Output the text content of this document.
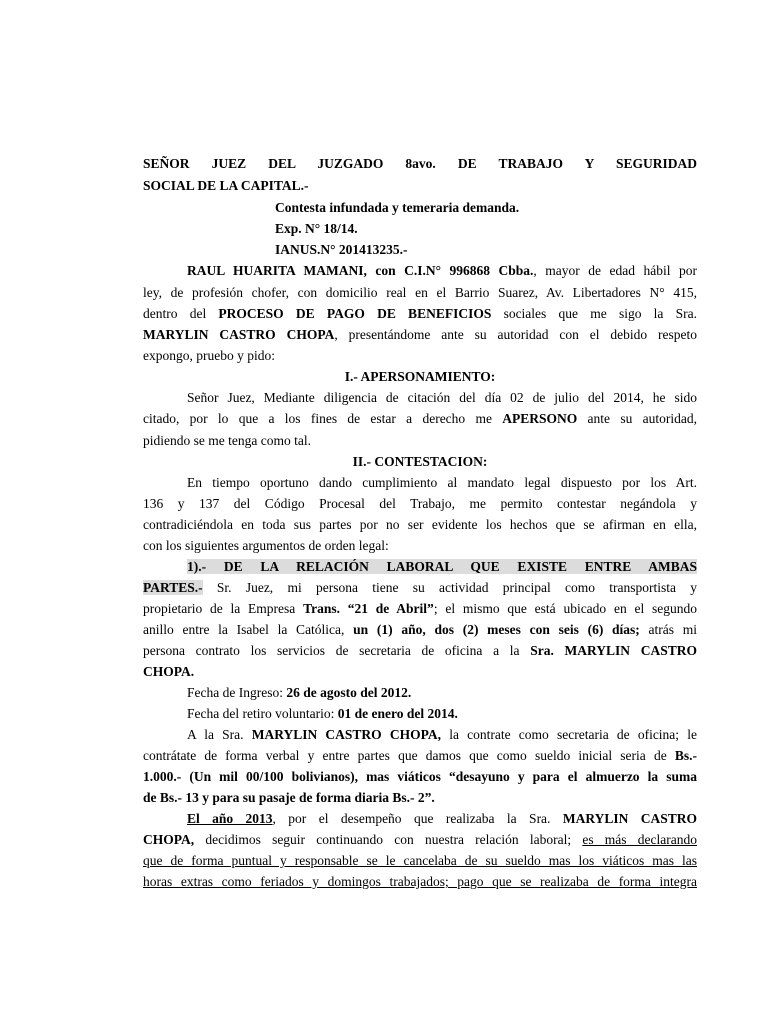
SEÑOR JUEZ DEL JUZGADO 8avo. DE TRABAJO Y SEGURIDAD
SOCIAL DE LA CAPITAL.-
Contesta infundada y temeraria demanda.
Exp. N° 18/14.
IANUS.N° 201413235.-
RAUL HUARITA MAMANI, con C.I.N° 996868 Cbba., mayor de edad hábil por
ley, de profesión chofer, con domicilio real en el Barrio Suarez, Av. Libertadores N° 415,
dentro del PROCESO DE PAGO DE BENEFICIOS sociales que me sigo la Sra.
MARYLIN CASTRO CHOPA, presentándome ante su autoridad con el debido respeto
expongo, pruebo y pido:
I.- APERSONAMIENTO:
Señor Juez, Mediante diligencia de citación del día 02 de julio del 2014, he sido
citado, por lo que a los fines de estar a derecho me APERSONO ante su autoridad,
pidiendo se me tenga como tal.
II.- CONTESTACION:
En tiempo oportuno dando cumplimiento al mandato legal dispuesto por los Art.
136 y 137 del Código Procesal del Trabajo, me permito contestar negándola y
contradiciéndola en toda sus partes por no ser evidente los hechos que se afirman en ella,
con los siguientes argumentos de orden legal:
1).- DE LA RELACIÓN LABORAL QUE EXISTE ENTRE AMBAS
PARTES.- Sr. Juez, mi persona tiene su actividad principal como transportista y
propietario de la Empresa Trans. “21 de Abril”; el mismo que está ubicado en el segundo
anillo entre la Isabel la Católica, un (1) año, dos (2) meses con seis (6) días; atrás mi
persona contrato los servicios de secretaria de oficina a la Sra. MARYLIN CASTRO
CHOPA.
Fecha de Ingreso: 26 de agosto del 2012.
Fecha del retiro voluntario: 01 de enero del 2014.
A la Sra. MARYLIN CASTRO CHOPA, la contrate como secretaria de oficina; le
contrátate de forma verbal y entre partes que damos que como sueldo inicial seria de Bs.-
1.000.- (Un mil 00/100 bolivianos), mas viáticos “desayuno y para el almuerzo la suma
de Bs.- 13 y para su pasaje de forma diaria Bs.- 2”.
El año 2013, por el desempeño que realizaba la Sra. MARYLIN CASTRO
CHOPA, decidimos seguir continuando con nuestra relación laboral; es más declarando
que de forma puntual y responsable se le cancelaba de su sueldo mas los viáticos mas las
horas extras como feriados y domingos trabajados; pago que se realizaba de forma integra
